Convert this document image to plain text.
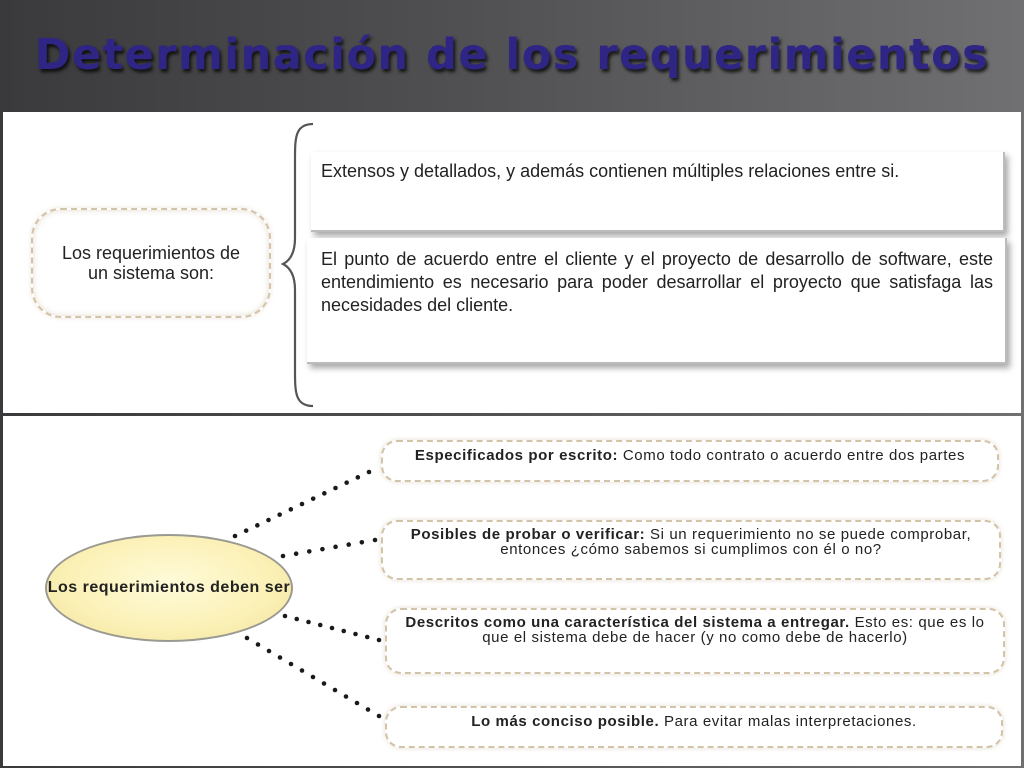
Determinación de los requerimientos
Los requerimientos de un sistema son:
Extensos y detallados, y además contienen múltiples relaciones entre si.
El punto de acuerdo entre el cliente y el proyecto de desarrollo de software, este entendimiento es necesario para poder desarrollar el proyecto que satisfaga las necesidades del cliente.
Los requerimientos deben ser
Especificados por escrito: Como todo contrato o acuerdo entre dos partes
Posibles de probar o verificar: Si un requerimiento no se puede comprobar, entonces ¿cómo sabemos si cumplimos con él o no?
Descritos como una característica del sistema a entregar. Esto es: que es lo que el sistema debe de hacer (y no como debe de hacerlo)
Lo más conciso posible. Para evitar malas interpretaciones.
